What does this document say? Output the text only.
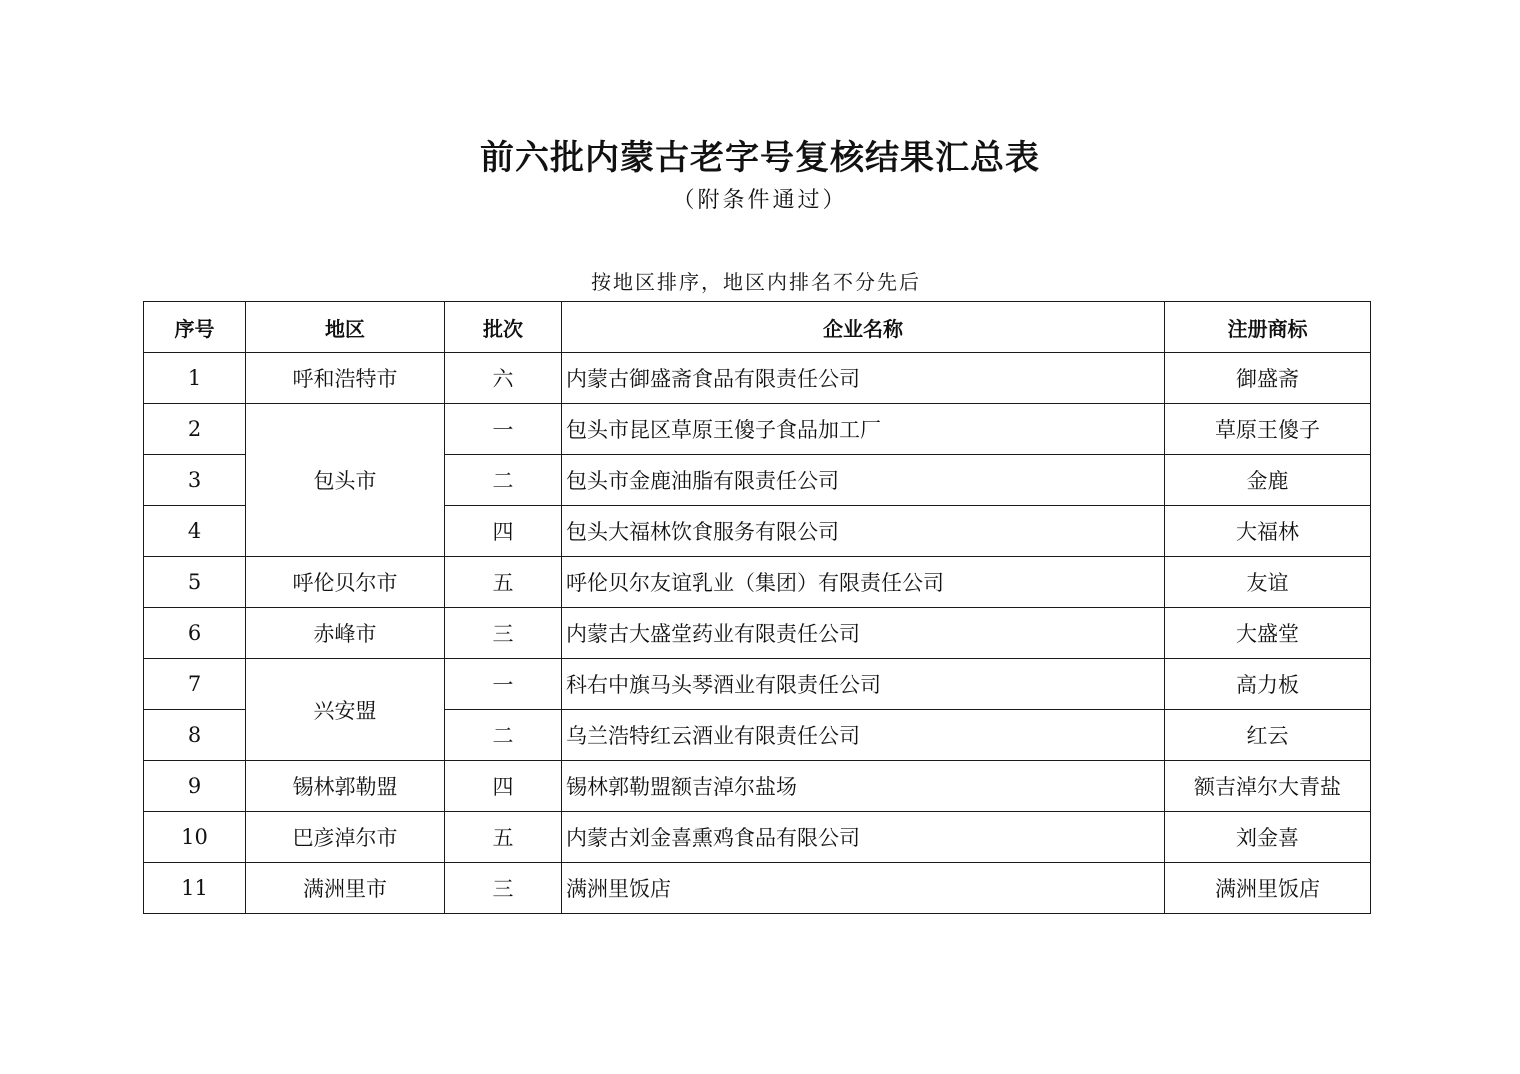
前六批内蒙古老字号复核结果汇总表
（附条件通过）
按地区排序，地区内排名不分先后
序号	地区	批次	企业名称	注册商标
1	呼和浩特市	六	内蒙古御盛斋食品有限责任公司	御盛斋
2	包头市	一	包头市昆区草原王傻子食品加工厂	草原王傻子
3		二	包头市金鹿油脂有限责任公司	金鹿
4		四	包头大福林饮食服务有限公司	大福林
5	呼伦贝尔市	五	呼伦贝尔友谊乳业（集团）有限责任公司	友谊
6	赤峰市	三	内蒙古大盛堂药业有限责任公司	大盛堂
7	兴安盟	一	科右中旗马头琴酒业有限责任公司	高力板
8		二	乌兰浩特红云酒业有限责任公司	红云
9	锡林郭勒盟	四	锡林郭勒盟额吉淖尔盐场	额吉淖尔大青盐
10	巴彦淖尔市	五	内蒙古刘金喜熏鸡食品有限公司	刘金喜
11	满洲里市	三	满洲里饭店	满洲里饭店
